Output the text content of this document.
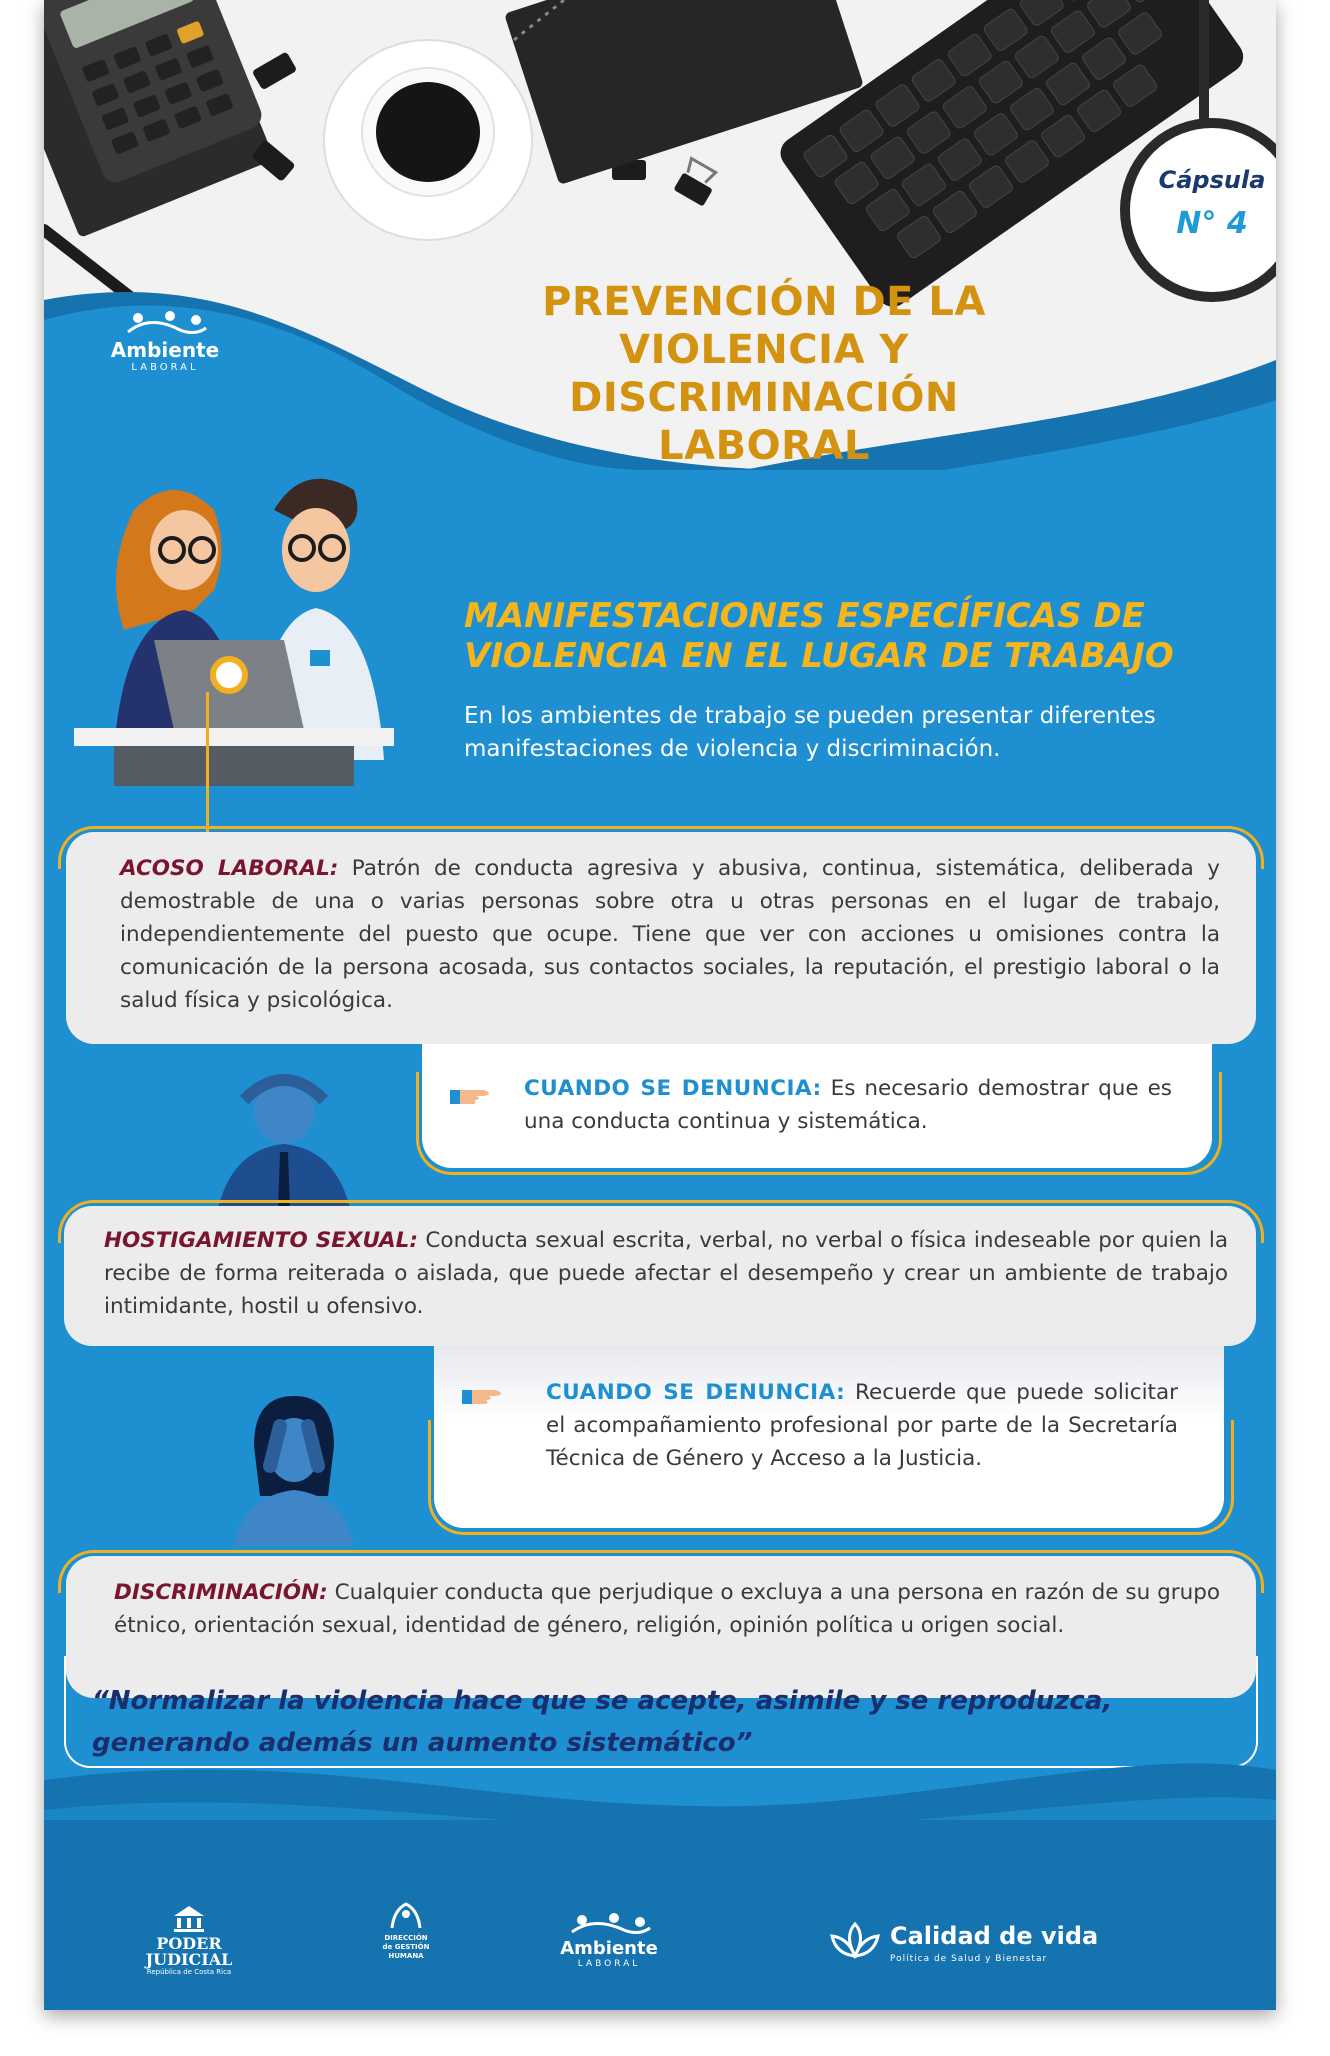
Cápsula
N° 4
Ambiente
LABORAL
PREVENCIÓN DE LA
VIOLENCIA Y DISCRIMINACIÓN
LABORAL
MANIFESTACIONES ESPECÍFICAS DE
VIOLENCIA EN EL LUGAR DE TRABAJO
En los ambientes de trabajo se pueden presentar diferentes manifestaciones de violencia y discriminación.
ACOSO LABORAL: Patrón de conducta agresiva y abusiva, continua, sistemática, deliberada y demostrable de una o varias personas sobre otra u otras personas en el lugar de trabajo, independientemente del puesto que ocupe. Tiene que ver con acciones u omisiones contra la comunicación de la persona acosada, sus contactos sociales, la reputación, el prestigio laboral o la salud física y psicológica.
CUANDO SE DENUNCIA: Es necesario demostrar que es una conducta continua y sistemática.
HOSTIGAMIENTO SEXUAL: Conducta sexual escrita, verbal, no verbal o física indeseable por quien la recibe de forma reiterada o aislada, que puede afectar el desempeño y crear un ambiente de trabajo intimidante, hostil u ofensivo.
CUANDO SE DENUNCIA: Recuerde que puede solicitar el acompañamiento profesional por parte de la Secretaría Técnica de Género y Acceso a la Justicia.
DISCRIMINACIÓN: Cualquier conducta que perjudique o excluya a una persona en razón de su grupo étnico, orientación sexual, identidad de género, religión, opinión política u origen social.
“Normalizar la violencia hace que se acepte, asimile y se reproduzca,
generando además un aumento sistemático”
PODER
JUDICIAL
República de Costa Rica
DIRECCIÓN
de GESTIÓN
HUMANA	Ambiente
LABORAL
Calidad de vida
Política de Salud y Bienestar
